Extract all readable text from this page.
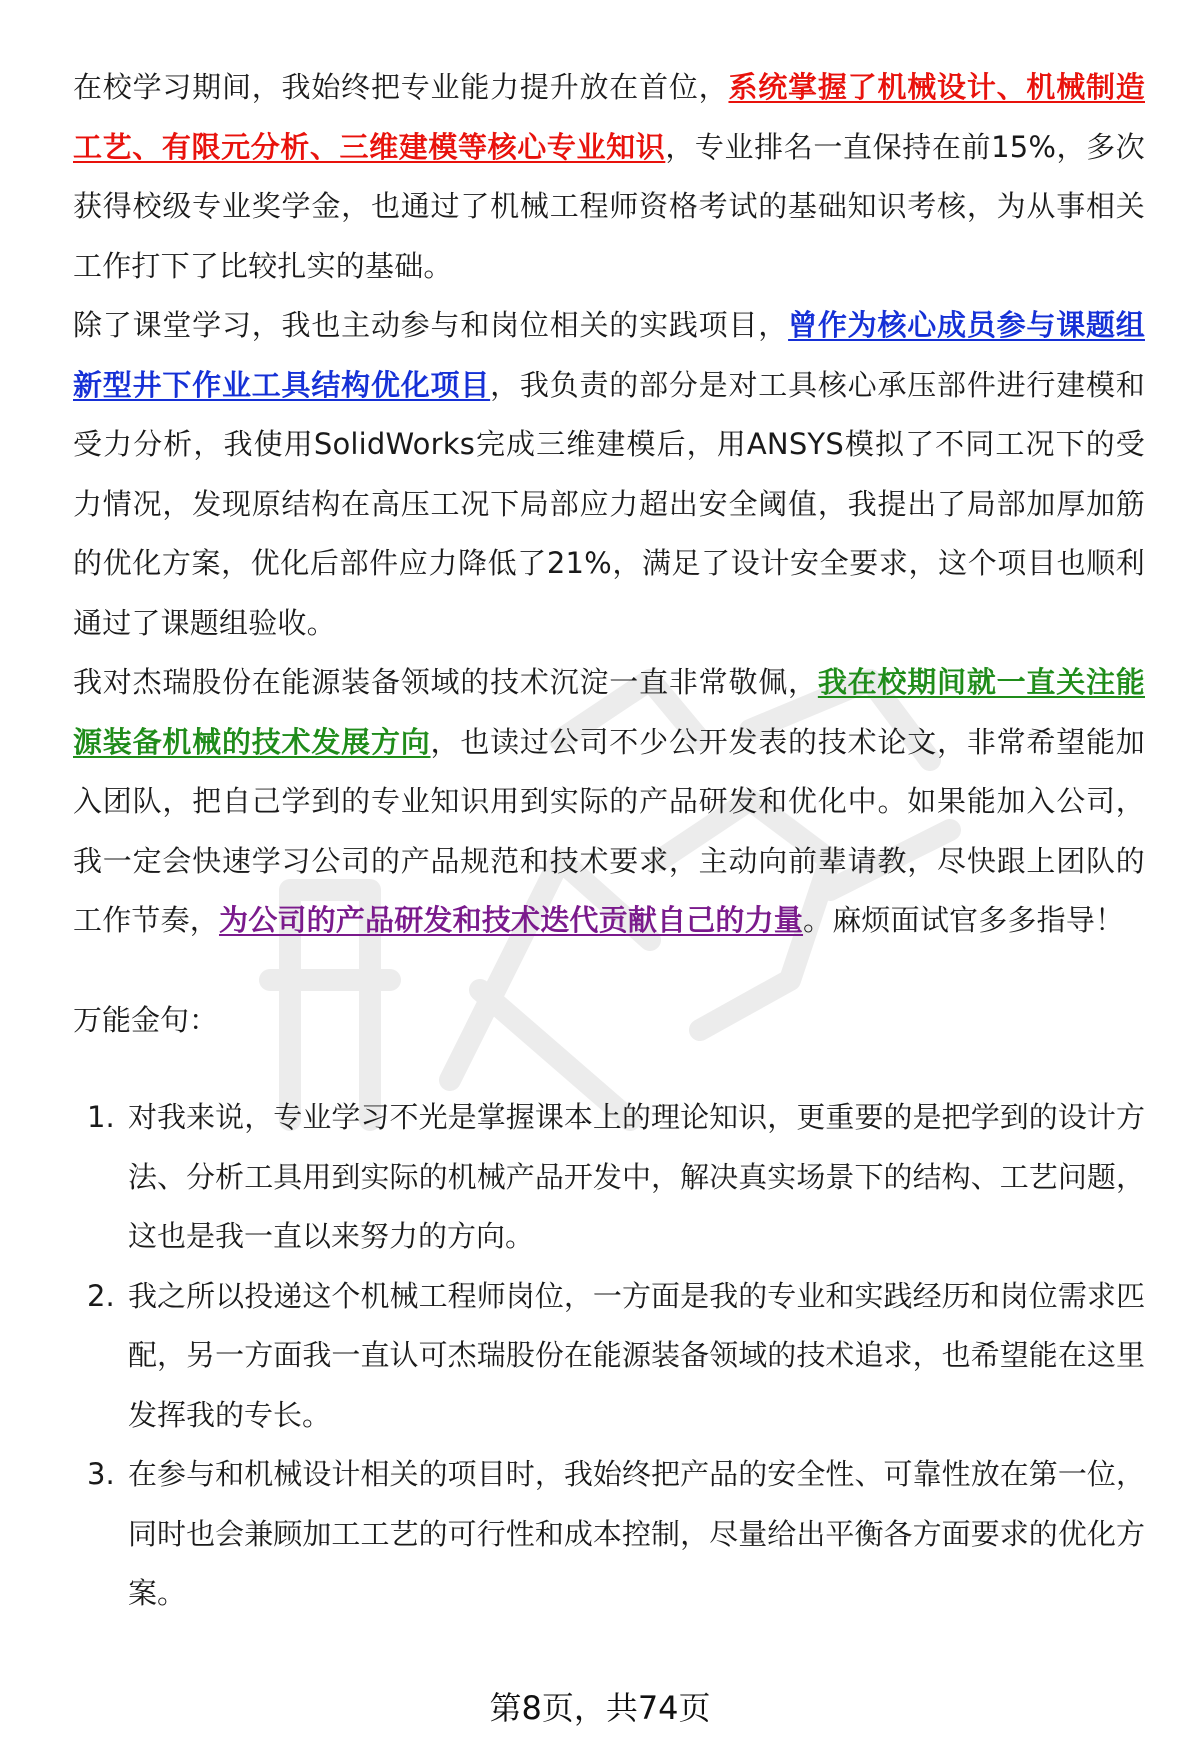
在校学习期间，我始终把专业能力提升放在首位，系统掌握了机械设计、机械制造工艺、有限元分析、三维建模等核心专业知识，专业排名一直保持在前15%，多次获得校级专业奖学金，也通过了机械工程师资格考试的基础知识考核，为从事相关工作打下了比较扎实的基础。

除了课堂学习，我也主动参与和岗位相关的实践项目，曾作为核心成员参与课题组新型井下作业工具结构优化项目，我负责的部分是对工具核心承压部件进行建模和受力分析，我使用SolidWorks完成三维建模后，用ANSYS模拟了不同工况下的受力情况，发现原结构在高压工况下局部应力超出安全阈值，我提出了局部加厚加筋的优化方案，优化后部件应力降低了21%，满足了设计安全要求，这个项目也顺利通过了课题组验收。

我对杰瑞股份在能源装备领域的技术沉淀一直非常敬佩，我在校期间就一直关注能源装备机械的技术发展方向，也读过公司不少公开发表的技术论文，非常希望能加入团队，把自己学到的专业知识用到实际的产品研发和优化中。如果能加入公司，我一定会快速学习公司的产品规范和技术要求，主动向前辈请教，尽快跟上团队的工作节奏，为公司的产品研发和技术迭代贡献自己的力量。麻烦面试官多多指导！

万能金句：

1. 对我来说，专业学习不光是掌握课本上的理论知识，更重要的是把学到的设计方法、分析工具用到实际的机械产品开发中，解决真实场景下的结构、工艺问题，这也是我一直以来努力的方向。
2. 我之所以投递这个机械工程师岗位，一方面是我的专业和实践经历和岗位需求匹配，另一方面我一直认可杰瑞股份在能源装备领域的技术追求，也希望能在这里发挥我的专长。
3. 在参与和机械设计相关的项目时，我始终把产品的安全性、可靠性放在第一位，同时也会兼顾加工工艺的可行性和成本控制，尽量给出平衡各方面要求的优化方案。
第8页，共74页
